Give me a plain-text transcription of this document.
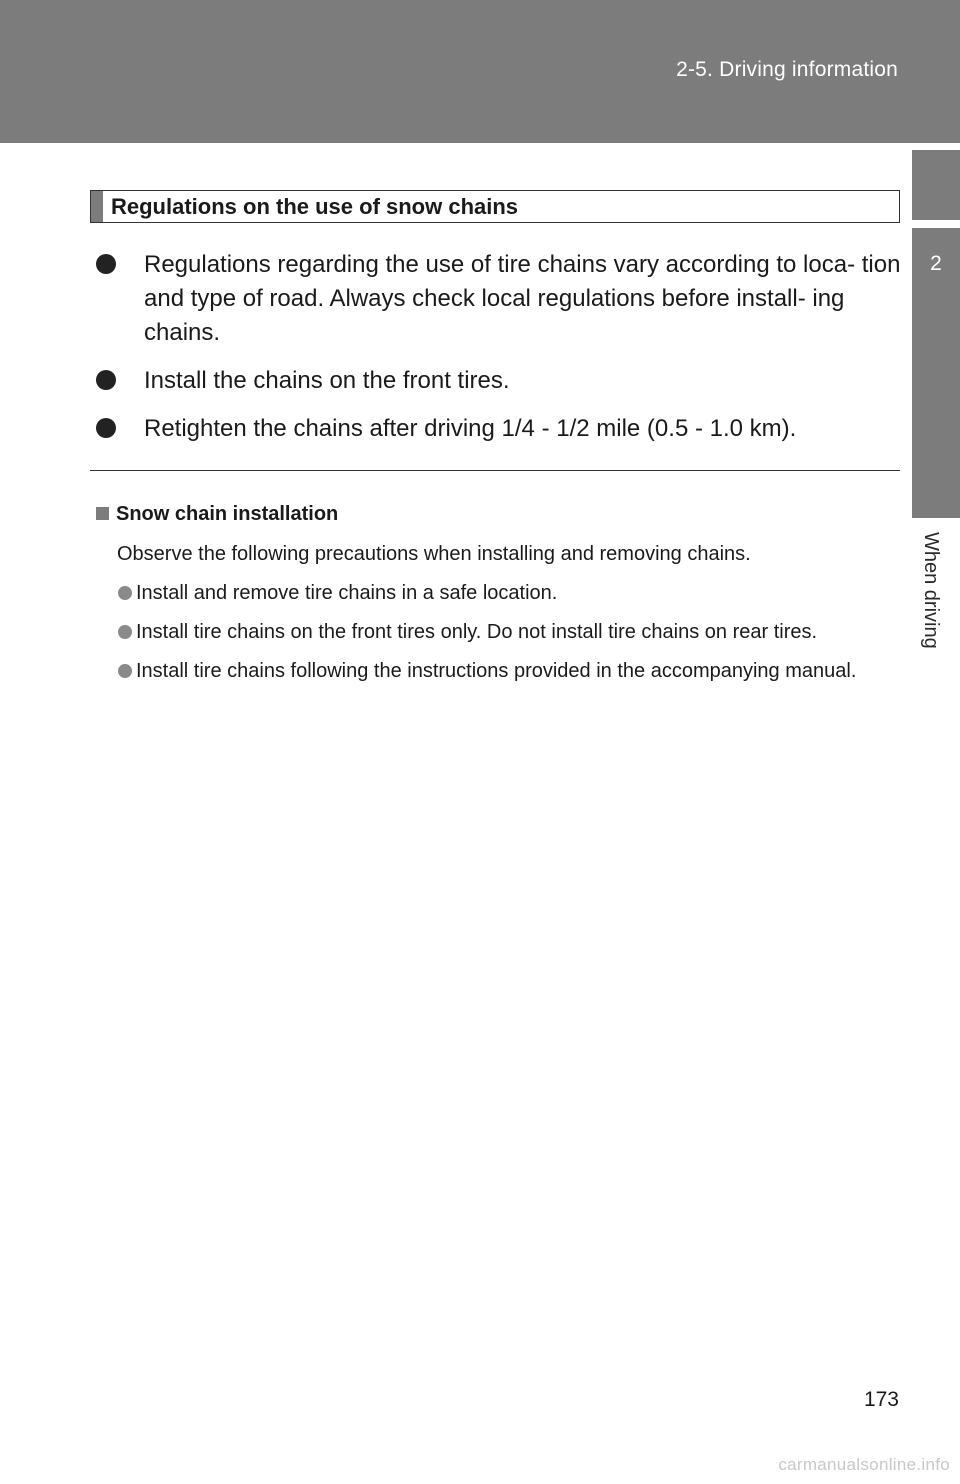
2-5. Driving information
2
When driving
Regulations on the use of snow chains
Regulations regarding the use of tire chains vary according to loca- tion and type of road. Always check local regulations before install- ing chains.
Install the chains on the front tires.
Retighten the chains after driving 1/4 - 1/2 mile (0.5 - 1.0 km).
Snow chain installation
Observe the following precautions when installing and removing chains.
Install and remove tire chains in a safe location.
Install tire chains on the front tires only. Do not install tire chains on rear tires.
Install tire chains following the instructions provided in the accompanying manual.
173
carmanualsonline.info
